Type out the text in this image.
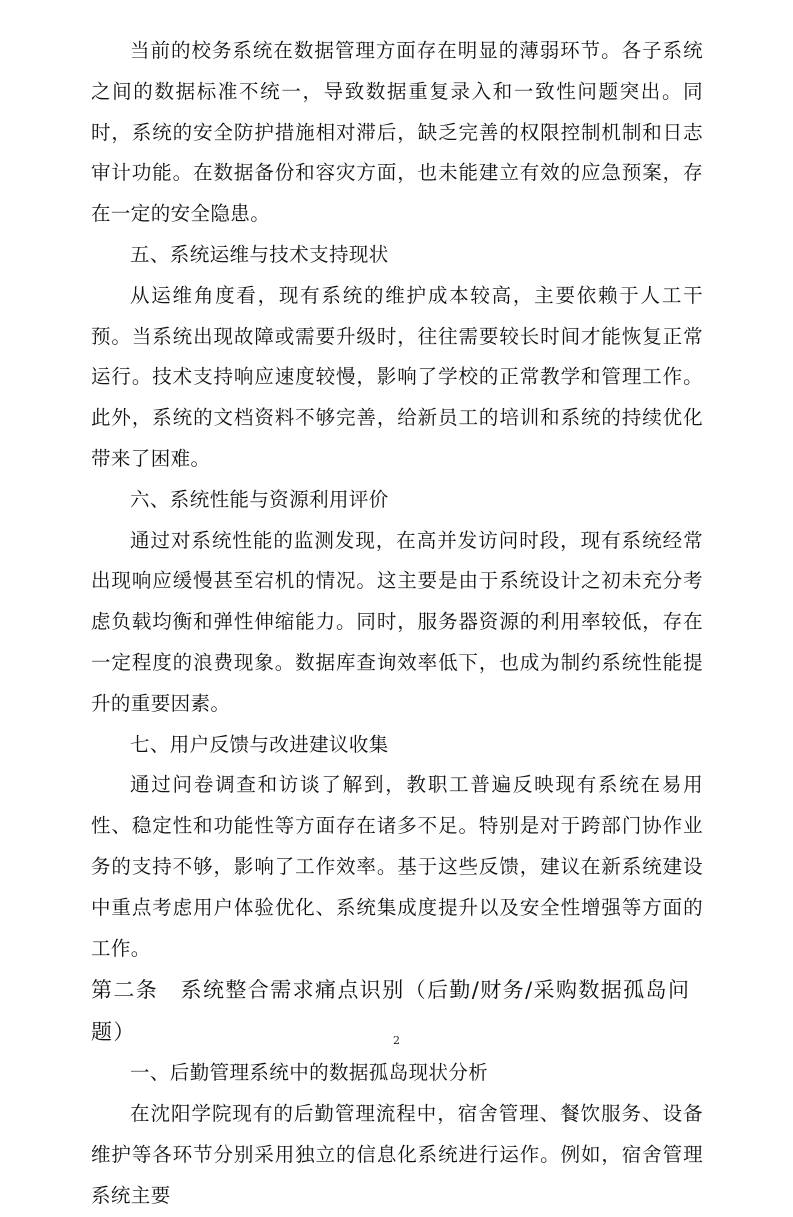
当前的校务系统在数据管理方面存在明显的薄弱环节。各子系统之间的数据标准不统一，导致数据重复录入和一致性问题突出。同时，系统的安全防护措施相对滞后，缺乏完善的权限控制机制和日志审计功能。在数据备份和容灾方面，也未能建立有效的应急预案，存在一定的安全隐患。

五、系统运维与技术支持现状

从运维角度看，现有系统的维护成本较高，主要依赖于人工干预。当系统出现故障或需要升级时，往往需要较长时间才能恢复正常运行。技术支持响应速度较慢，影响了学校的正常教学和管理工作。此外，系统的文档资料不够完善，给新员工的培训和系统的持续优化带来了困难。

六、系统性能与资源利用评价

通过对系统性能的监测发现，在高并发访问时段，现有系统经常出现响应缓慢甚至宕机的情况。这主要是由于系统设计之初未充分考虑负载均衡和弹性伸缩能力。同时，服务器资源的利用率较低，存在一定程度的浪费现象。数据库查询效率低下，也成为制约系统性能提升的重要因素。

七、用户反馈与改进建议收集

通过问卷调查和访谈了解到，教职工普遍反映现有系统在易用性、稳定性和功能性等方面存在诸多不足。特别是对于跨部门协作业务的支持不够，影响了工作效率。基于这些反馈，建议在新系统建设中重点考虑用户体验优化、系统集成度提升以及安全性增强等方面的工作。

第二条　系统整合需求痛点识别（后勤/财务/采购数据孤岛问题）

一、后勤管理系统中的数据孤岛现状分析

在沈阳学院现有的后勤管理流程中，宿舍管理、餐饮服务、设备维护等各环节分别采用独立的信息化系统进行运作。例如，宿舍管理系统主要

2
